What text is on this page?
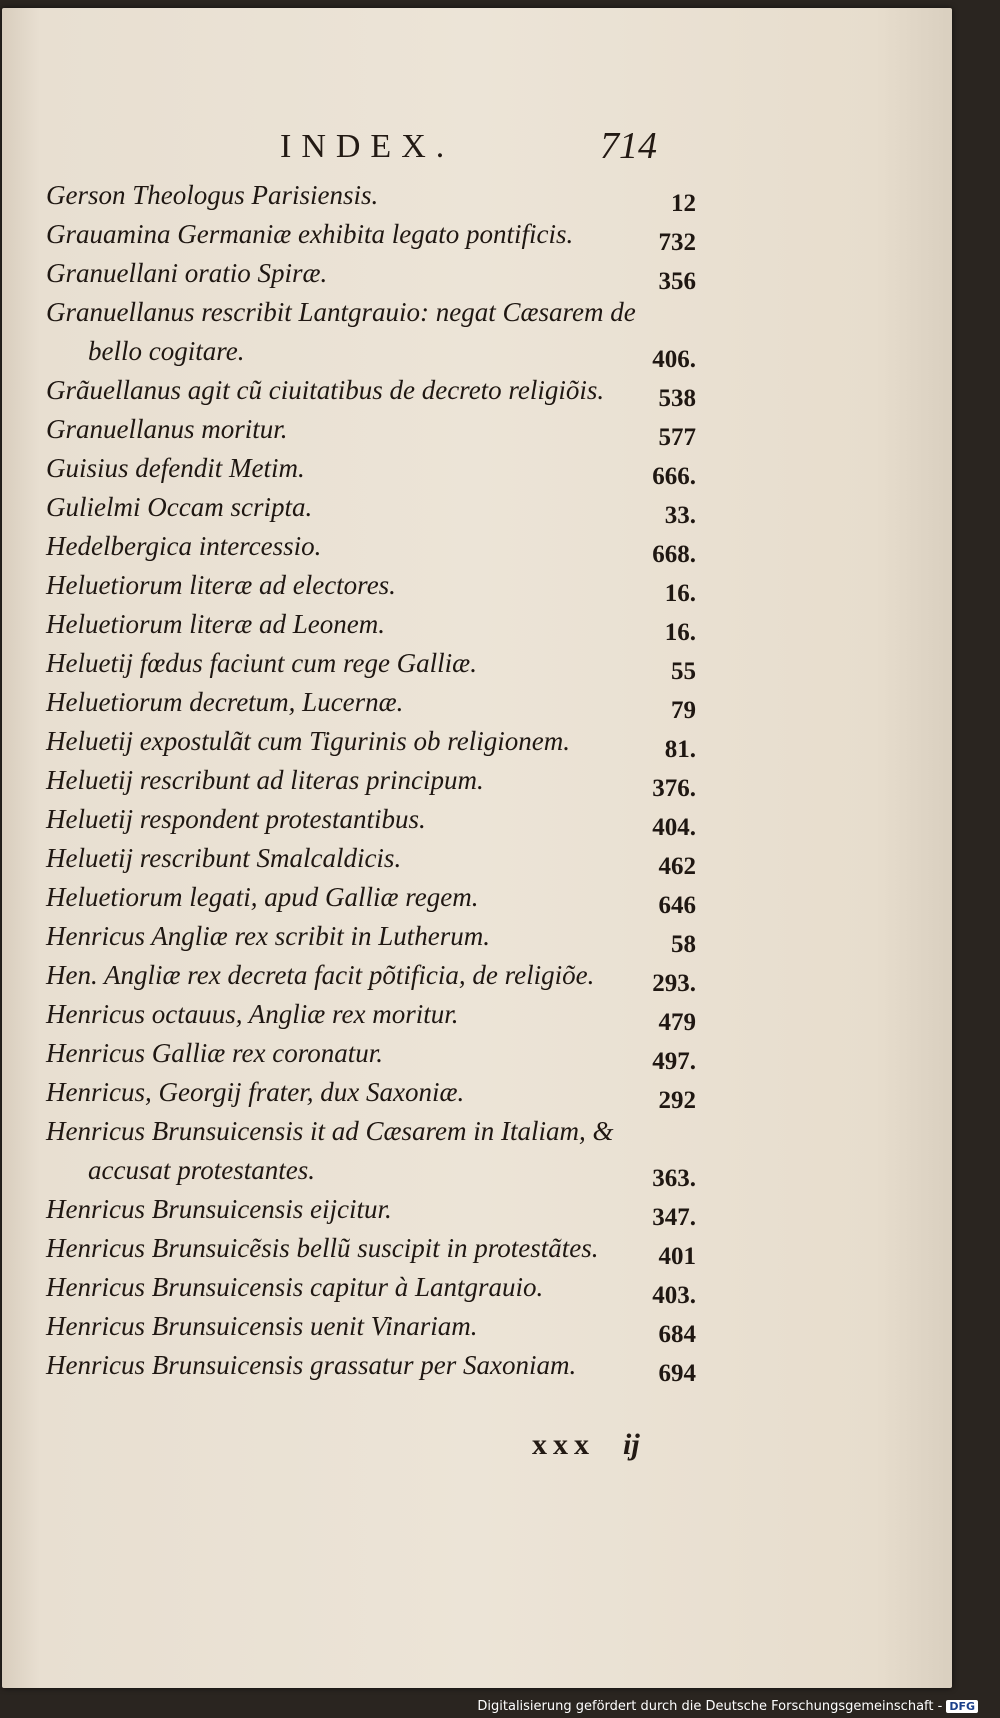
INDEX.	714
Gerson Theologus Parisiensis.	12
Grauamina Germaniæ exhibita legato pontificis.	732
Granuellani oratio Spiræ.	356
Granuellanus rescribit Lantgrauio: negat Cæsarem de
bello cogitare.	406.
Grãuellanus agit cũ ciuitatibus de decreto religiõis. 538
Granuellanus moritur.	577
Guisius defendit Metim.	666.
Gulielmi Occam scripta.	33.
Hedelbergica intercessio.	668.
Heluetiorum literæ ad electores.	16.
Heluetiorum literæ ad Leonem.	16.
Heluetij fœdus faciunt cum rege Galliæ.	55
Heluetiorum decretum, Lucernæ.	79
Heluetij expostulãt cum Tigurinis ob religionem.	81.
Heluetij rescribunt ad literas principum.	376.
Heluetij respondent protestantibus.	404.
Heluetij rescribunt Smalcaldicis.	462
Heluetiorum legati, apud Galliæ regem.	646
Henricus Angliæ rex scribit in Lutherum.	58
Hen. Angliæ rex decreta facit põtificia, de religiõe. 293.
Henricus octauus, Angliæ rex moritur.	479
Henricus Galliæ rex coronatur.	497.
Henricus, Georgij frater, dux Saxoniæ.	292
Henricus Brunsuicensis it ad Cæsarem in Italiam, &
accusat protestantes.	363.
Henricus Brunsuicensis eijcitur.	347.
Henricus Brunsuicẽsis bellũ suscipit in protestãtes. 401
Henricus Brunsuicensis capitur à Lantgrauio.	403.
Henricus Brunsuicensis uenit Vinariam.	684
Henricus Brunsuicensis grassatur per Saxoniam.	694
xxx ij
Digitalisierung gefördert durch die Deutsche Forschungsgemeinschaft - DFG
